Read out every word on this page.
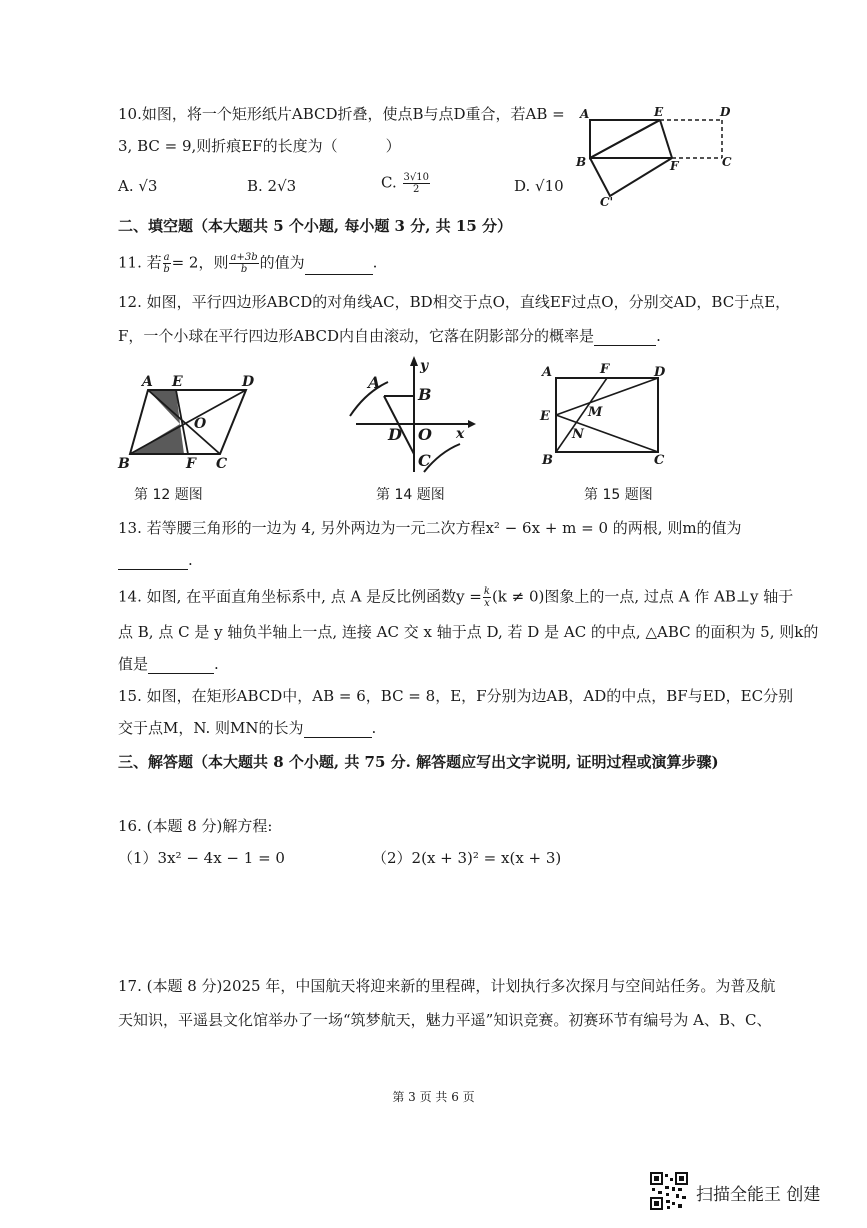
10.如图，将一个矩形纸片ABCD折叠，使点B与点D重合，若AB =
3, BC = 9,则折痕EF的长度为（	）
A. √3	B. 2√3	C. $\frac{3√10}{2}$	D. √10
A	E	D
B	F	C
C'
二、填空题（本大题共 5 个小题, 每小题 3 分, 共 15 分）
11. 若 $\frac{a}{b} = 2$，则 $\frac{a+3b}{b}$ 的值为	.
12. 如图，平行四边形ABCD的对角线AC，BD相交于点O，直线EF过点O，分别交AD，BC于点E，
F，一个小球在平行四边形ABCD内自由滚动，它落在阴影部分的概率是	.
A E	D
O
B	F C
第 12 题图
y
A
B
D O x
C
第 14 题图
A	F	D
E	M
N
B	C
第 15 题图
13. 若等腰三角形的一边为 4, 另外两边为一元二次方程x² − 6x + m = 0 的两根, 则m的值为
.
14. 如图, 在平面直角坐标系中, 点 A 是反比例函数$y = \frac{k}{x} (k \ne 0)$图象上的一点, 过点 A 作 AB⊥y 轴于
点 B, 点 C 是 y 轴负半轴上一点, 连接 AC 交 x 轴于点 D, 若 D 是 AC 的中点, △ABC 的面积为 5, 则k的
值是	.
15. 如图，在矩形ABCD中，AB = 6，BC = 8，E，F分别为边AB，AD的中点，BF与ED，EC分别
交于点M，N. 则MN的长为	.
三、解答题（本大题共 8 个小题, 共 75 分. 解答题应写出文字说明, 证明过程或演算步骤)
16. (本题 8 分)解方程:
（1）3x² − 4x − 1 = 0	（2）2(x + 3)² = x(x + 3)
17. (本题 8 分)2025 年，中国航天将迎来新的里程碑，计划执行多次探月与空间站任务。为普及航
天知识，平遥县文化馆举办了一场“筑梦航天，魅力平遥”知识竞赛。初赛环节有编号为 A、B、C、
第 3 页 共 6 页
扫描全能王 创建
